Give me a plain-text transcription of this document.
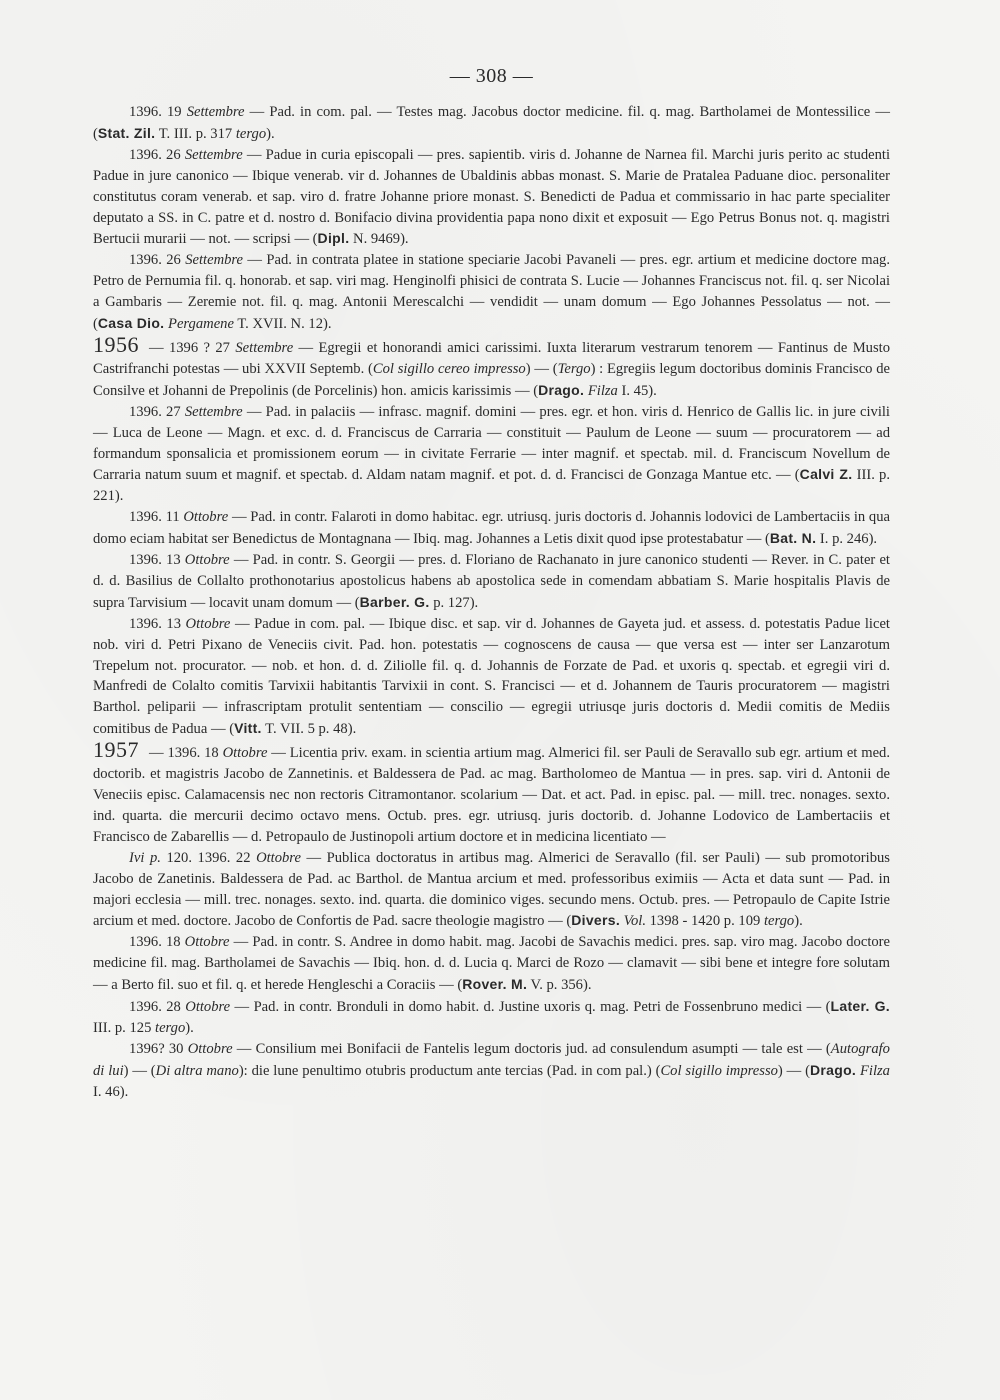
— 308 —

1396. 19 Settembre — Pad. in com. pal. — Testes mag. Jacobus doctor medicine. fil. q. mag. Bartholamei de Montessilice — (Stat. Zil. T. III. p. 317 tergo).

1396. 26 Settembre — Padue in curia episcopali — pres. sapientib. viris d. Johanne de Narnea fil. Marchi juris perito ac studenti Padue in jure canonico — Ibique venerab. vir d. Johannes de Ubaldinis abbas monast. S. Marie de Pratalea Paduane dioc. personaliter constitutus coram venerab. et sap. viro d. fratre Johanne priore monast. S. Benedicti de Padua et commissario in hac parte specialiter deputato a SS. in C. patre et d. nostro d. Bonifacio divina providentia papa nono dixit et exposuit — Ego Petrus Bonus not. q. magistri Bertucii murarii — not. — scripsi — (Dipl. N. 9469).

1396. 26 Settembre — Pad. in contrata platee in statione speciarie Jacobi Pavaneli — pres. egr. artium et medicine doctore mag. Petro de Pernumia fil. q. honorab. et sap. viri mag. Henginolfi phisici de contrata S. Lucie — Johannes Franciscus not. fil. q. ser Nicolai a Gambaris — Zeremie not. fil. q. mag. Antonii Merescalchi — vendidit — unam domum — Ego Johannes Pessolatus — not. — (Casa Dio. Pergamene T. XVII. N. 12).

1956 — 1396 ? 27 Settembre — Egregii et honorandi amici carissimi. Iuxta literarum vestrarum tenorem — Fantinus de Musto Castrifranchi potestas — ubi XXVII Septemb. (Col sigillo cereo impresso) — (Tergo) : Egregiis legum doctoribus dominis Francisco de Consilve et Johanni de Prepolinis (de Porcelinis) hon. amicis karissimis — (Drago. Filza I. 45).

1396. 27 Settembre — Pad. in palaciis — infrasc. magnif. domini — pres. egr. et hon. viris d. Henrico de Gallis lic. in jure civili — Luca de Leone — Magn. et exc. d. d. Franciscus de Carraria — constituit — Paulum de Leone — suum — procuratorem — ad formandum sponsalicia et promissionem eorum — in civitate Ferrarie — inter magnif. et spectab. mil. d. Franciscum Novellum de Carraria natum suum et magnif. et spectab. d. Aldam natam magnif. et pot. d. d. Francisci de Gonzaga Mantue etc. — (Calvi Z. III. p. 221).

1396. 11 Ottobre — Pad. in contr. Falaroti in domo habitac. egr. utriusq. juris doctoris d. Johannis lodovici de Lambertaciis in qua domo eciam habitat ser Benedictus de Montagnana — Ibiq. mag. Johannes a Letis dixit quod ipse protestabatur — (Bat. N. I. p. 246).

1396. 13 Ottobre — Pad. in contr. S. Georgii — pres. d. Floriano de Rachanato in jure canonico studenti — Rever. in C. pater et d. d. Basilius de Collalto prothonotarius apostolicus habens ab apostolica sede in comendam abbatiam S. Marie hospitalis Plavis de supra Tarvisium — locavit unam domum — (Barber. G. p. 127).

1396. 13 Ottobre — Padue in com. pal. — Ibique disc. et sap. vir d. Johannes de Gayeta jud. et assess. d. potestatis Padue licet nob. viri d. Petri Pixano de Veneciis civit. Pad. hon. potestatis — cognoscens de causa — que versa est — inter ser Lanzarotum Trepelum not. procurator. — nob. et hon. d. d. Ziliolle fil. q. d. Johannis de Forzate de Pad. et uxoris q. spectab. et egregii viri d. Manfredi de Colalto comitis Tarvixii habitantis Tarvixii in cont. S. Francisci — et d. Johannem de Tauris procuratorem — magistri Barthol. peliparii — infrascriptam protulit sententiam — conscilio — egregii utriusqe juris doctoris d. Medii comitis de Mediis comitibus de Padua — (Vitt. T. VII. 5 p. 48).

1957 — 1396. 18 Ottobre — Licentia priv. exam. in scientia artium mag. Almerici fil. ser Pauli de Seravallo sub egr. artium et med. doctorib. et magistris Jacobo de Zannetinis. et Baldessera de Pad. ac mag. Bartholomeo de Mantua — in pres. sap. viri d. Antonii de Veneciis episc. Calamacensis nec non rectoris Citramontanor. scolarium — Dat. et act. Pad. in episc. pal. — mill. trec. nonages. sexto. ind. quarta. die mercurii decimo octavo mens. Octub. pres. egr. utriusq. juris doctorib. d. Johanne Lodovico de Lambertaciis et Francisco de Zabarellis — d. Petropaulo de Justinopoli artium doctore et in medicina licentiato —

Ivi p. 120. 1396. 22 Ottobre — Publica doctoratus in artibus mag. Almerici de Seravallo (fil. ser Pauli) — sub promotoribus Jacobo de Zanetinis. Baldessera de Pad. ac Barthol. de Mantua arcium et med. professoribus eximiis — Acta et data sunt — Pad. in majori ecclesia — mill. trec. nonages. sexto. ind. quarta. die dominico viges. secundo mens. Octub. pres. — Petropaulo de Capite Istrie arcium et med. doctore. Jacobo de Confortis de Pad. sacre theologie magistro — (Divers. Vol. 1398 - 1420 p. 109 tergo).

1396. 18 Ottobre — Pad. in contr. S. Andree in domo habit. mag. Jacobi de Savachis medici. pres. sap. viro mag. Jacobo doctore medicine fil. mag. Bartholamei de Savachis — Ibiq. hon. d. d. Lucia q. Marci de Rozo — clamavit — sibi bene et integre fore solutam — a Berto fil. suo et fil. q. et herede Hengleschi a Coraciis — (Rover. M. V. p. 356).

1396. 28 Ottobre — Pad. in contr. Bronduli in domo habit. d. Justine uxoris q. mag. Petri de Fossenbruno medici — (Later. G. III. p. 125 tergo).

1396? 30 Ottobre — Consilium mei Bonifacii de Fantelis legum doctoris jud. ad consulendum asumpti — tale est — (Autografo di lui) — (Di altra mano): die lune penultimo otubris productum ante tercias (Pad. in com pal.) (Col sigillo impresso) — (Drago. Filza I. 46).
